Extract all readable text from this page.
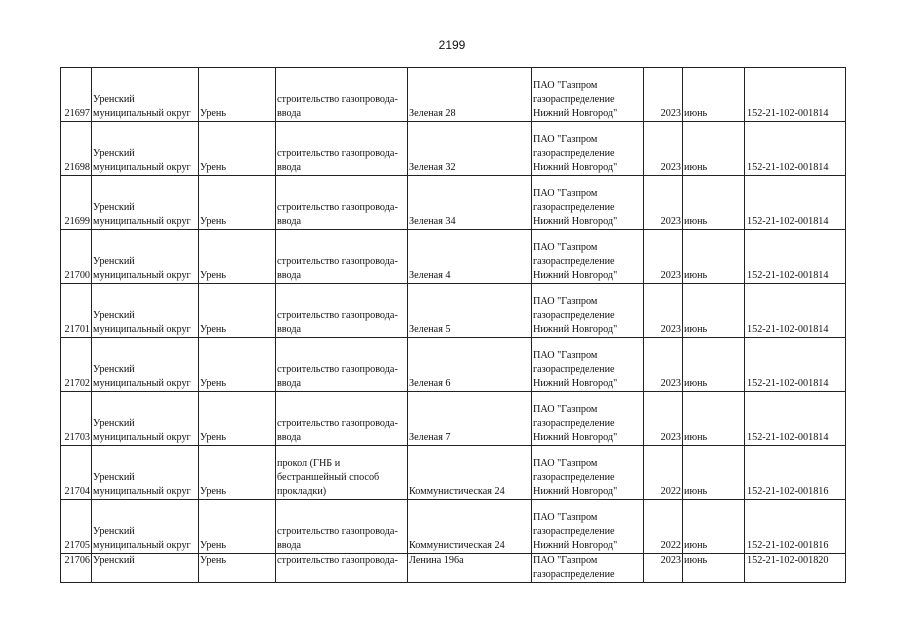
2199
21697	Уренский муниципальный округ	Урень	строительство газопровода-ввода	Зеленая 28	ПАО "Газпром газораспределение Нижний Новгород"	2023	июнь	152-21-102-001814
21698	Уренский муниципальный округ	Урень	строительство газопровода-ввода	Зеленая 32	ПАО "Газпром газораспределение Нижний Новгород"	2023	июнь	152-21-102-001814
21699	Уренский муниципальный округ	Урень	строительство газопровода-ввода	Зеленая 34	ПАО "Газпром газораспределение Нижний Новгород"	2023	июнь	152-21-102-001814
21700	Уренский муниципальный округ	Урень	строительство газопровода-ввода	Зеленая 4	ПАО "Газпром газораспределение Нижний Новгород"	2023	июнь	152-21-102-001814
21701	Уренский муниципальный округ	Урень	строительство газопровода-ввода	Зеленая 5	ПАО "Газпром газораспределение Нижний Новгород"	2023	июнь	152-21-102-001814
21702	Уренский муниципальный округ	Урень	строительство газопровода-ввода	Зеленая 6	ПАО "Газпром газораспределение Нижний Новгород"	2023	июнь	152-21-102-001814
21703	Уренский муниципальный округ	Урень	строительство газопровода-ввода	Зеленая 7	ПАО "Газпром газораспределение Нижний Новгород"	2023	июнь	152-21-102-001814
21704	Уренский муниципальный округ	Урень	прокол (ГНБ и бестраншейный способ прокладки)	Коммунистическая 24	ПАО "Газпром газораспределение Нижний Новгород"	2022	июнь	152-21-102-001816
21705	Уренский муниципальный округ	Урень	строительство газопровода-ввода	Коммунистическая 24	ПАО "Газпром газораспределение Нижний Новгород"	2022	июнь	152-21-102-001816
21706	Уренский	Урень	строительство газопровода-	Ленина 196а	ПАО "Газпром газораспределение	2023	июнь	152-21-102-001820
